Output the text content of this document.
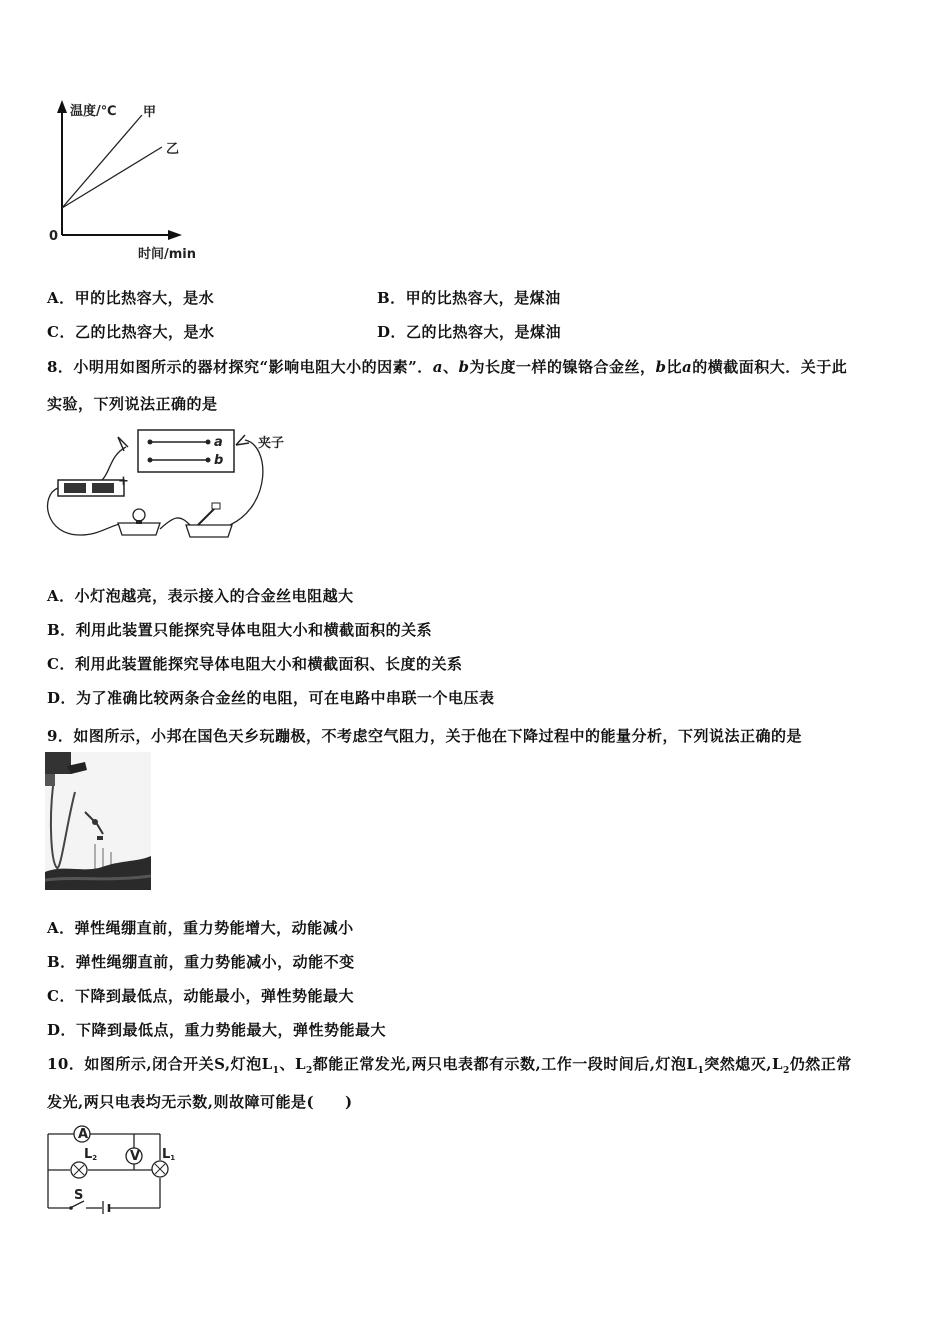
温度/℃
时间/min
0
甲
乙
A．甲的比热容大，是水	B．甲的比热容大，是煤油
C．乙的比热容大，是水	D．乙的比热容大，是煤油
8．小明用如图所示的器材探究“影响电阻大小的因素”．a、b为长度一样的镍铬合金丝，b比a的横截面积大．关于此
实验，下列说法正确的是
a
b
夹子
+
A．小灯泡越亮，表示接入的合金丝电阻越大
B．利用此装置只能探究导体电阻大小和横截面积的关系
C．利用此装置能探究导体电阻大小和横截面积、长度的关系
D．为了准确比较两条合金丝的电阻，可在电路中串联一个电压表
9．如图所示，小邦在国色天乡玩蹦极，不考虑空气阻力，关于他在下降过程中的能量分析，下列说法正确的是
A．弹性绳绷直前，重力势能增大，动能减小
B．弹性绳绷直前，重力势能减小，动能不变
C．下降到最低点，动能最小，弹性势能最大
D．下降到最低点，重力势能最大，弹性势能最大
10．如图所示,闭合开关S,灯泡$L_1$、$L_2$都能正常发光,两只电表都有示数,工作一段时间后,灯泡$L_1$突然熄灭$,L_2$仍然正常
发光,两只电表均无示数,则故障可能是(　　)
A
V
L2	L1
S
